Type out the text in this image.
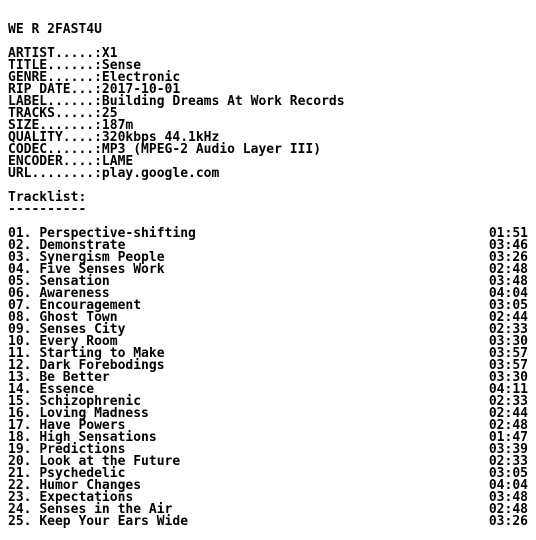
WE R 2FAST4U
ARTIST.....: X1
TITLE......: Sense
GENRE......: Electronic
RIP DATE...: 2017-10-01
LABEL......: Building Dreams At Work Records
TRACKS.....: 25
SIZE.......: 187m
QUALITY....: 320kbps 44.1kHz
CODEC......: MP3 (MPEG-2 Audio Layer III)
ENCODER....: LAME
URL........: play.google.com
Tracklist:
----------
01. Perspective-shifting	01:51
02. Demonstrate	03:46
03. Synergism People	03:26
04. Five Senses Work	02:48
05. Sensation	03:48
06. Awareness	04:04
07. Encouragement	03:05
08. Ghost Town	02:44
09. Senses City	02:33
10. Every Room	03:30
11. Starting to Make	03:57
12. Dark Forebodings	03:57
13. Be Better	03:30
14. Essence	04:11
15. Schizophrenic	02:33
16. Loving Madness	02:44
17. Have Powers	02:48
18. High Sensations	01:47
19. Predictions	03:39
20. Look at the Future	02:33
21. Psychedelic	03:05
22. Humor Changes	04:04
23. Expectations	03:48
24. Senses in the Air	02:48
25. Keep Your Ears Wide	03:26
